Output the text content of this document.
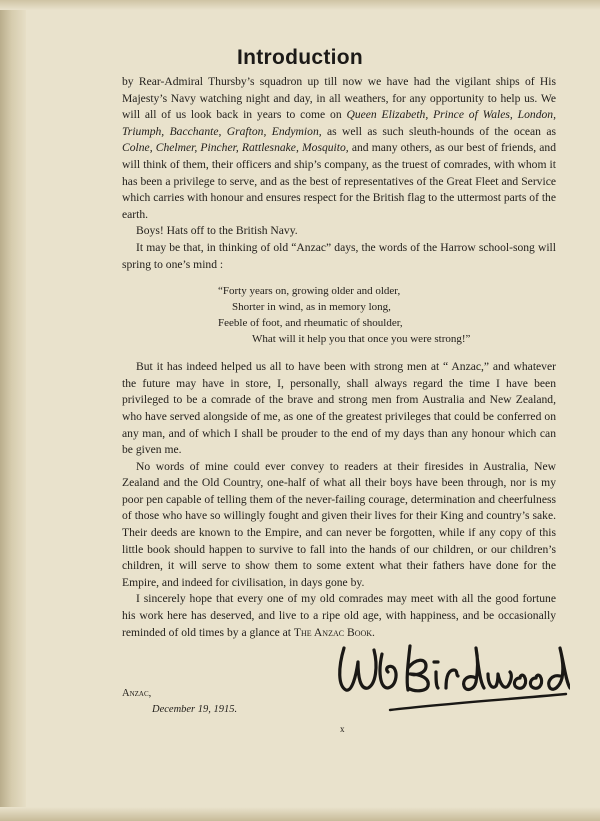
Introduction

by Rear-Admiral Thursby’s squadron up till now we have had the vigilant ships of His Majesty’s Navy watching night and day, in all weathers, for any opportunity to help us. We will all of us look back in years to come on Queen Elizabeth, Prince of Wales, London, Triumph, Bacchante, Grafton, Endymion, as well as such sleuth-hounds of the ocean as Colne, Chelmer, Pincher, Rattlesnake, Mosquito, and many others, as our best of friends, and will think of them, their officers and ship’s company, as the truest of comrades, with whom it has been a privilege to serve, and as the best of representatives of the Great Fleet and Service which carries with honour and ensures respect for the British flag to the uttermost parts of the earth.

Boys! Hats off to the British Navy.

It may be that, in thinking of old “Anzac” days, the words of the Harrow school-song will spring to one’s mind :

“Forty years on, growing older and older,
Shorter in wind, as in memory long,
Feeble of foot, and rheumatic of shoulder,
What will it help you that once you were strong!”

But it has indeed helped us all to have been with strong men at “ Anzac,” and whatever the future may have in store, I, personally, shall always regard the time I have been privileged to be a comrade of the brave and strong men from Australia and New Zealand, who have served alongside of me, as one of the greatest privileges that could be conferred on any man, and of which I shall be prouder to the end of my days than any honour which can be given me.

No words of mine could ever convey to readers at their firesides in Australia, New Zealand and the Old Country, one-half of what all their boys have been through, nor is my poor pen capable of telling them of the never-failing courage, determination and cheerfulness of those who have so willingly fought and given their lives for their King and country’s sake. Their deeds are known to the Empire, and can never be forgotten, while if any copy of this little book should happen to survive to fall into the hands of our children, or our children’s children, it will serve to show them to some extent what their fathers have done for the Empire, and indeed for civilisation, in days gone by.

I sincerely hope that every one of my old comrades may meet with all the good fortune his work here has deserved, and live to a ripe old age, with happiness, and be occasionally reminded of old times by a glance at The Anzac Book.

Anzac,
December 19, 1915.
x
